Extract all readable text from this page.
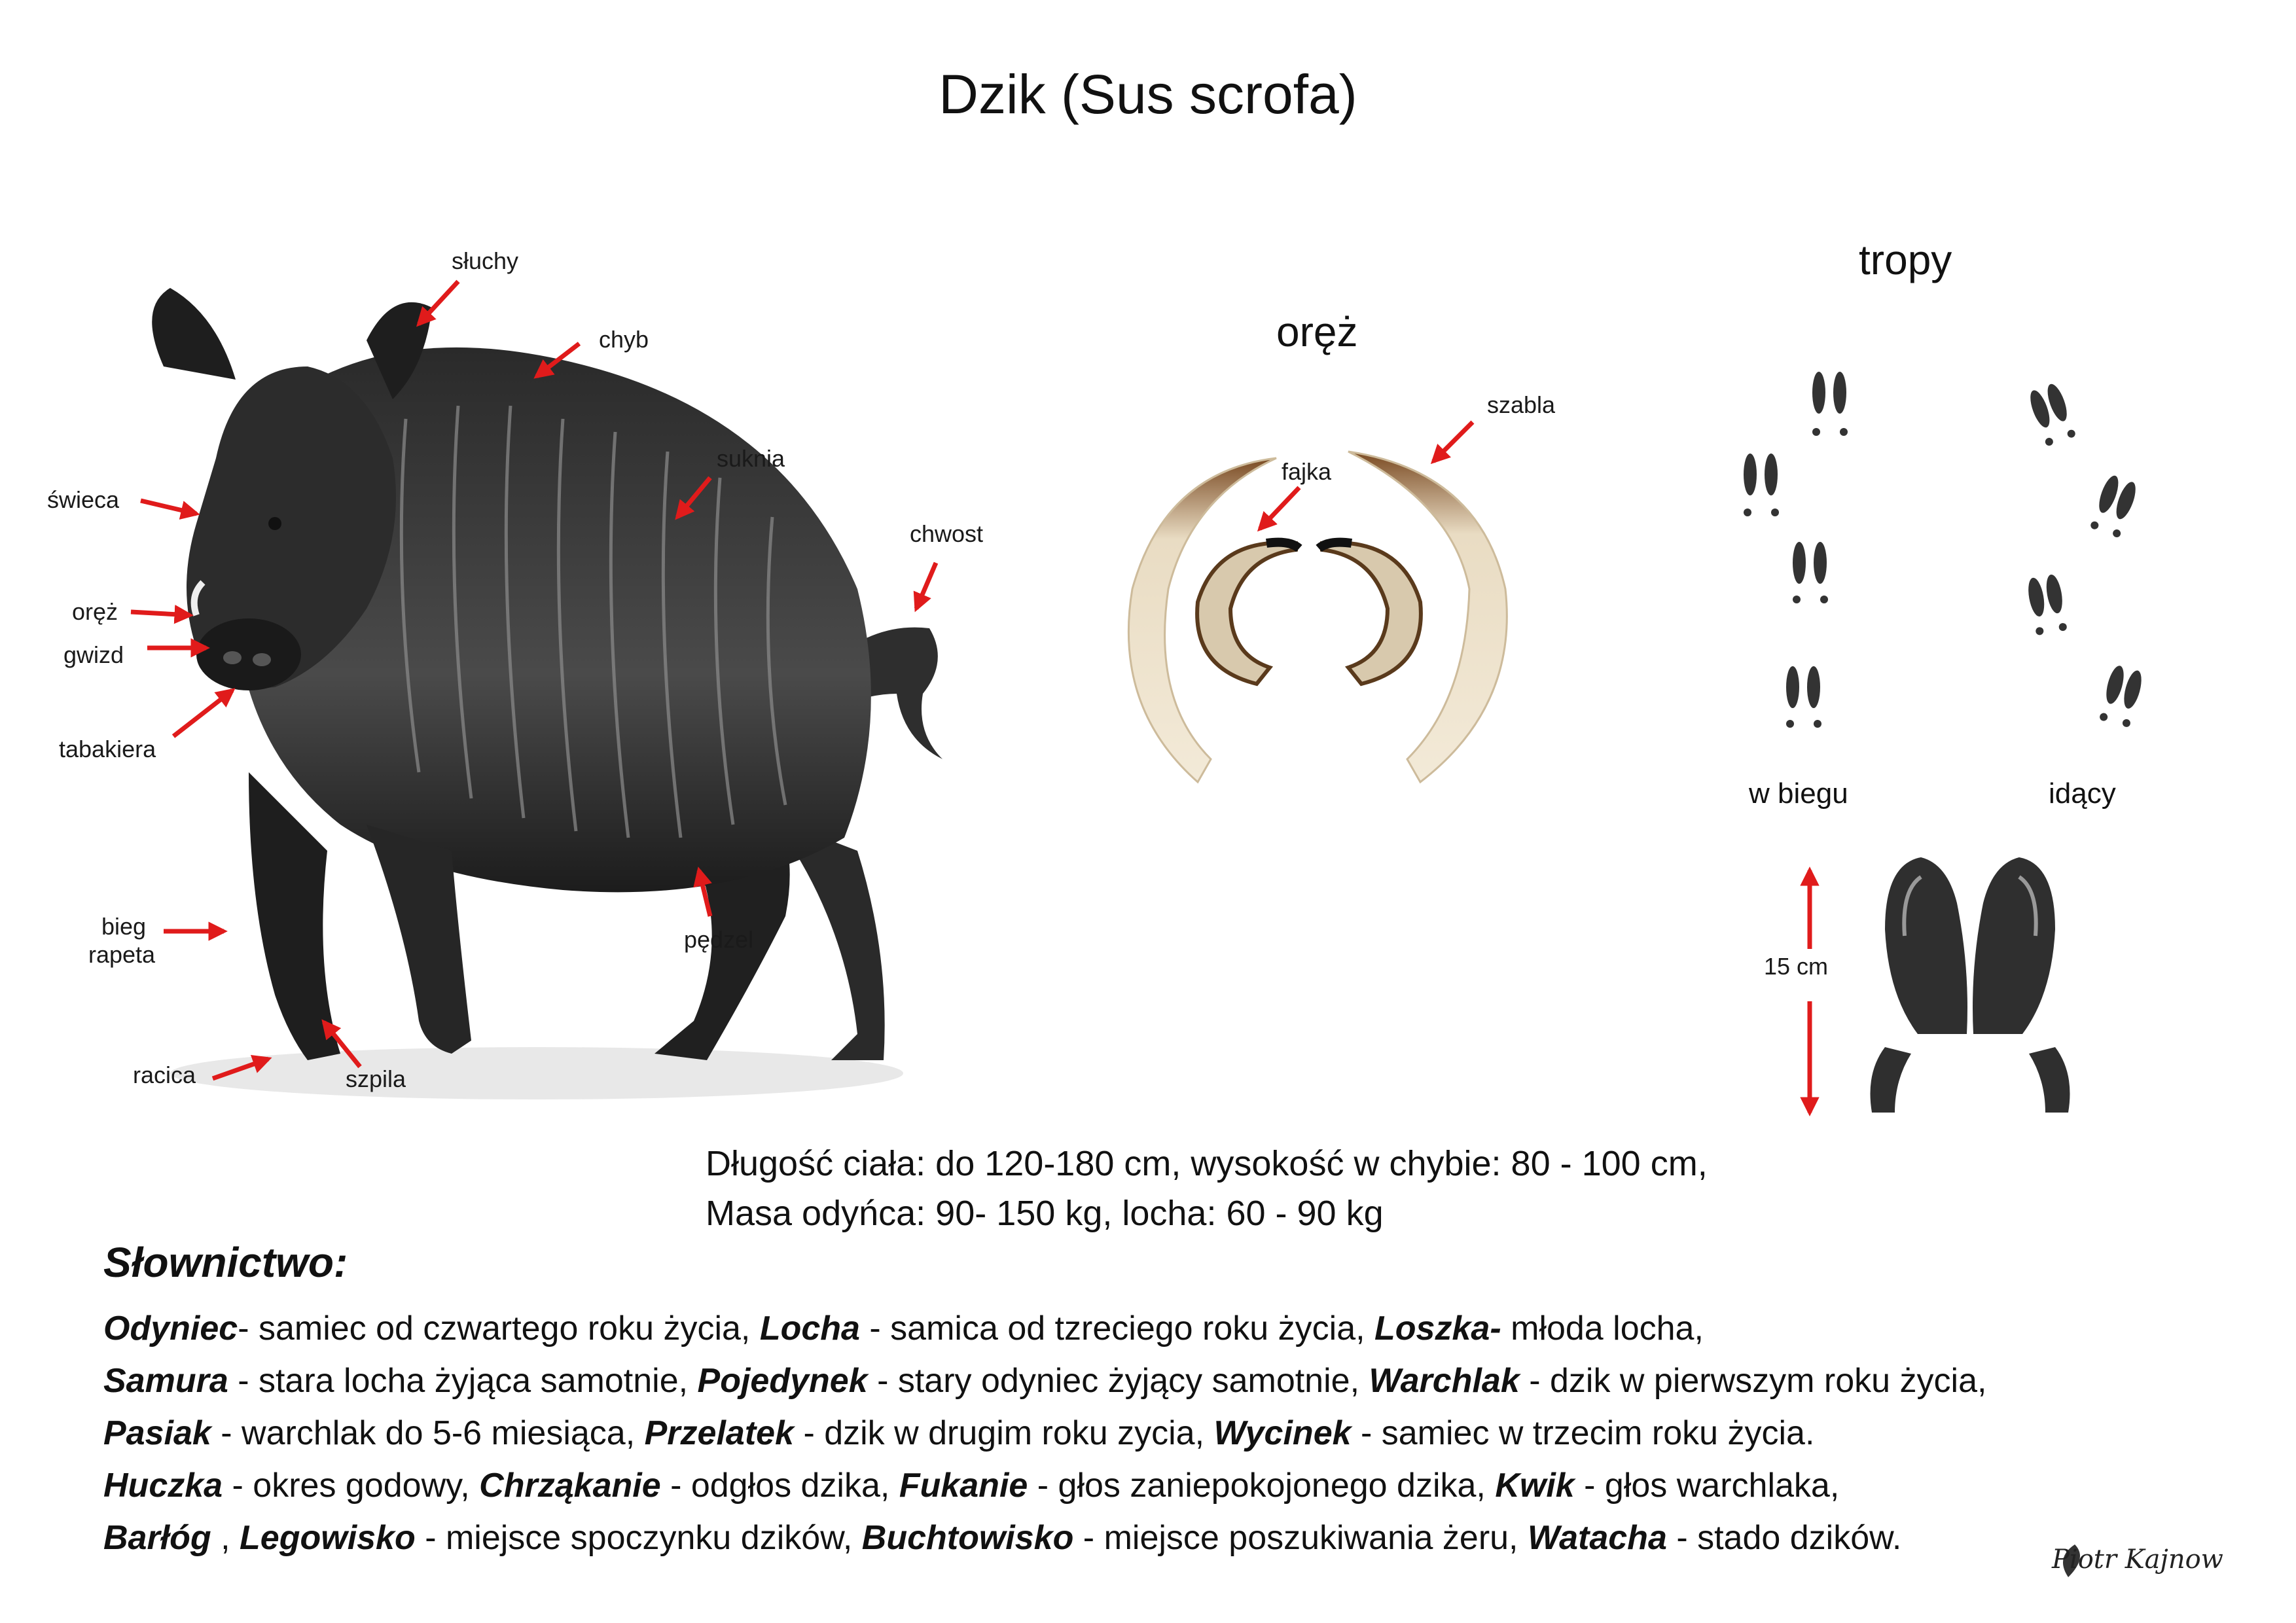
Dzik (Sus scrofa)
oręż
tropy
słuchy
chyb
suknia
świeca
chwost
oręż
gwizd
tabakiera
bieg
rapeta
pędzel
racica	szpila
szabla
fajka
w biegu	idący
15 cm
Długość ciała: do 120-180 cm, wysokość w chybie: 80 - 100 cm,
Masa odyńca: 90- 150 kg, locha: 60 - 90 kg
Słownictwo:
Odyniec- samiec od czwartego roku życia, Locha - samica od tzreciego roku życia, Loszka- młoda locha,
Samura - stara locha żyjąca samotnie, Pojedynek - stary odyniec żyjący samotnie, Warchlak - dzik w pierwszym roku życia,
Pasiak - warchlak do 5-6 miesiąca, Przelatek - dzik w drugim roku zycia, Wycinek - samiec w trzecim roku życia.
Huczka - okres godowy, Chrząkanie - odgłos dzika, Fukanie - głos zaniepokojonego dzika, Kwik - głos warchlaka,
Barłóg , Legowisko - miejsce spoczynku dzików, Buchtowisko - miejsce poszukiwania żeru, Watacha - stado dzików.
Piotr Kajnow
